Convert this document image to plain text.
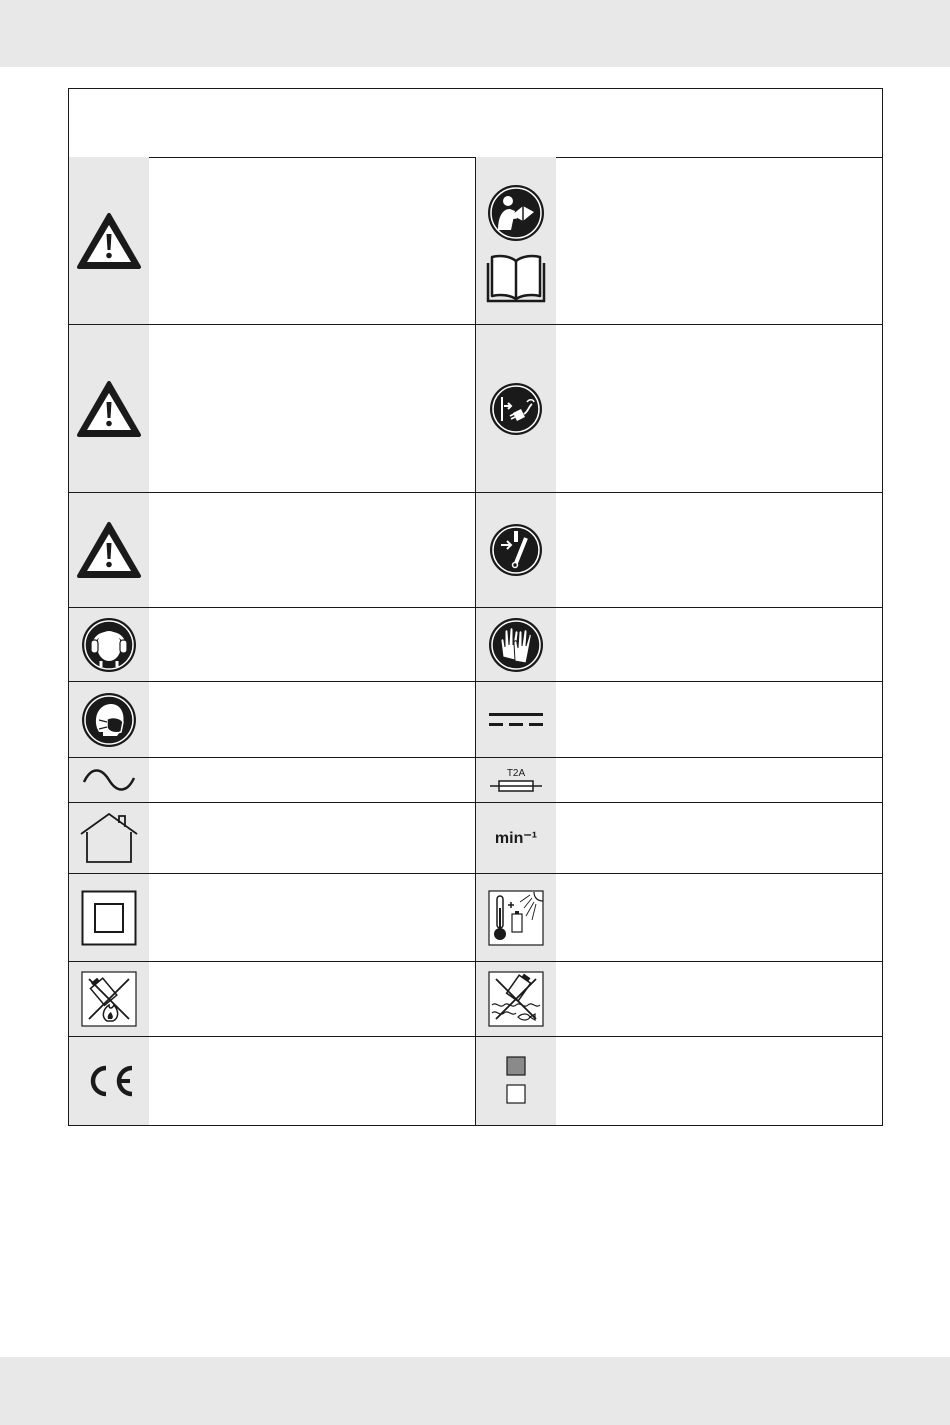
T2A
min⁻¹
